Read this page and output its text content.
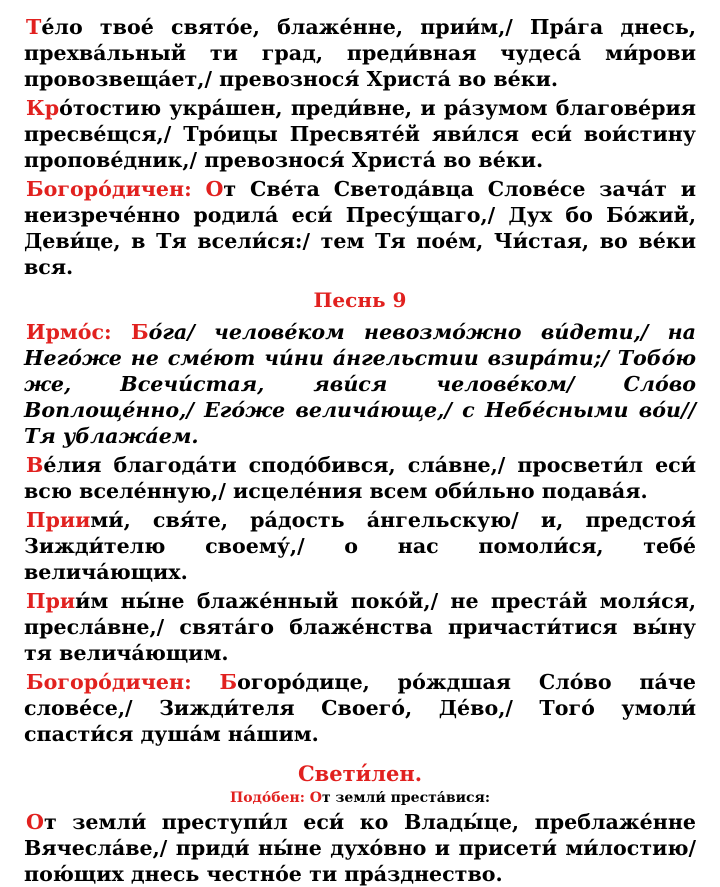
Те́ло твое́ свято́е, блаже́нне, прии́м,/ Пра́га днесь, прехва́льный ти град, преди́вная чудеса́ ми́рови провозвеща́ет,/ превознося́ Христа́ во ве́ки.

Кро́тостию укра́шен, преди́вне, и ра́зумом благове́рия пресве́щся,/ Тро́ицы Пресвяте́й яви́лся еси́ вои́стину пропове́дник,/ превознося́ Христа́ во ве́ки.

Богоро́дичен: От Све́та Светода́вца Слове́се зача́т и неизрече́нно родила́ еси́ Пресу́щаго,/ Дух бо Бо́жий, Деви́це, в Тя всели́ся:/ тем Тя пое́м, Чи́стая, во ве́ки вся.

Песнь 9

Ирмо́с: Бо́га/ челове́ком невозмо́жно ви́дети,/ на Него́же не сме́ют чи́ни а́нгельстии взира́ти;/ Тобо́ю же, Всечи́стая, яви́ся челове́ком/ Сло́во Воплоще́нно,/ Его́же велича́юще,/ с Небе́сными во́и// Тя ублажа́ем.

Ве́лия благода́ти сподо́бився, сла́вне,/ просвети́л еси́ всю вселе́нную,/ исцеле́ния всем оби́льно подава́я.

Приими́, свя́те, ра́дость а́нгельскую/ и, предстоя́ Зижди́телю своему́,/ о нас помоли́ся, тебе́ велича́ющих.

Прии́м ны́не блаже́нный поко́й,/ не преста́й моля́ся, пресла́вне,/ свята́го блаже́нства причасти́тися вы́ну тя велича́ющим.

Богоро́дичен: Богоро́дице, ро́ждшая Сло́во па́че слове́се,/ Зижди́теля Своего́, Де́во,/ Того́ умоли́ спасти́ся душа́м на́шим.

Свети́лен.
Подо́бен: От земли́ преста́вися:

От земли́ преступи́л еси́ ко Влады́це, преблаже́нне Вячесла́ве,/ приди́ ны́не духо́вно и присети́ ми́лостию/ пою́щих днесь честно́е ти пра́зднество.
